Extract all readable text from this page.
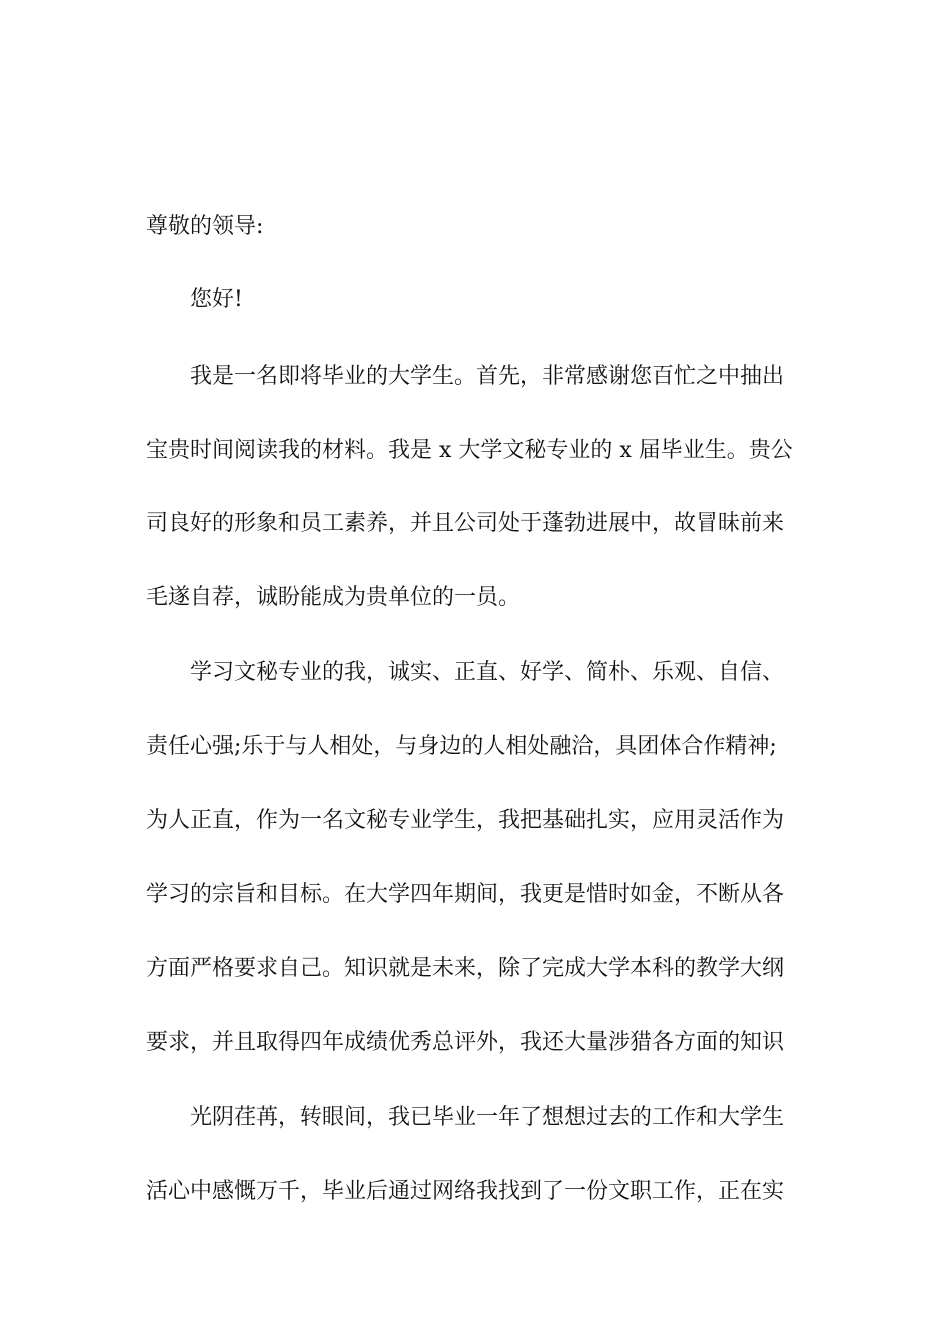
尊敬的领导:
您好!
我是一名即将毕业的大学生。首先，非常感谢您百忙之中抽出
宝贵时间阅读我的材料。我是 x 大学文秘专业的 x 届毕业生。贵公
司良好的形象和员工素养，并且公司处于蓬勃进展中，故冒昧前来
毛遂自荐，诚盼能成为贵单位的一员。
学习文秘专业的我，诚实、正直、好学、简朴、乐观、自信、
责任心强;乐于与人相处，与身边的人相处融洽，具团体合作精神;
为人正直，作为一名文秘专业学生，我把基础扎实，应用灵活作为
学习的宗旨和目标。在大学四年期间，我更是惜时如金，不断从各
方面严格要求自己。知识就是未来，除了完成大学本科的教学大纲
要求，并且取得四年成绩优秀总评外，我还大量涉猎各方面的知识
光阴荏苒，转眼间，我已毕业一年了想想过去的工作和大学生
活心中感慨万千，毕业后通过网络我找到了一份文职工作，正在实
